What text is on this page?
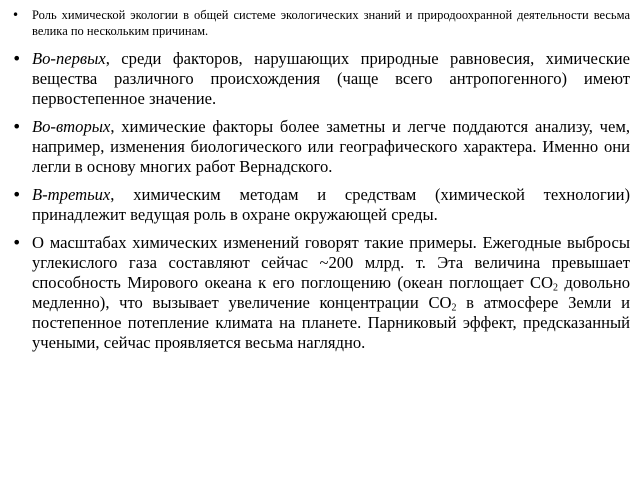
• Роль химической экологии в общей системе экологических знаний и природоохранной деятельности весьма велика по нескольким причинам.
• Во-первых, среди факторов, нарушающих природные равновесия, химические вещества различного происхождения (чаще всего антропогенного) имеют первостепенное значение.
• Во-вторых, химические факторы более заметны и легче поддаются анализу, чем, например, изменения биологического или географического характера. Именно они легли в основу многих работ Вернадского.
• В-третьих, химическим методам и средствам (химической технологии) принадлежит ведущая роль в охране окружающей среды.
• О масштабах химических изменений говорят такие примеры. Ежегодные выбросы углекислого газа составляют сейчас ~200 млрд. т. Эта величина превышает способность Мирового океана к его поглощению (океан поглощает $CO_2$ довольно медленно), что вызывает увеличение концентрации $CO_2$ в атмосфере Земли и постепенное потепление климата на планете. Парниковый эффект, предсказанный учеными, сейчас проявляется весьма наглядно.
